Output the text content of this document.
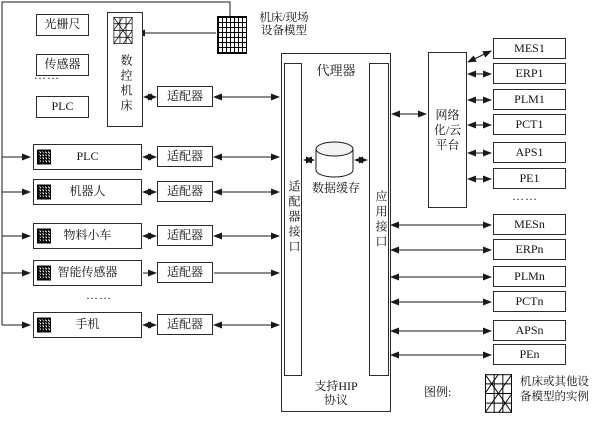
光栅尺
传感器
……
PLC	数控机床
机床/现场
设备模型
PLC
机器人
物料小车
智能传感器
……
手机
适配器
适配器
适配器
适配器
适配器
适配器
代理器
适配器接口	应用接口
数据缓存
支持HIP
协议
网络
化/云
平台
MES1
ERP1
PLM1
PCT1
APS1
PE1
……
MESn
ERPn
PLMn
PCTn
APSn
PEn
图例:
机床或其他设
备模型的实例
